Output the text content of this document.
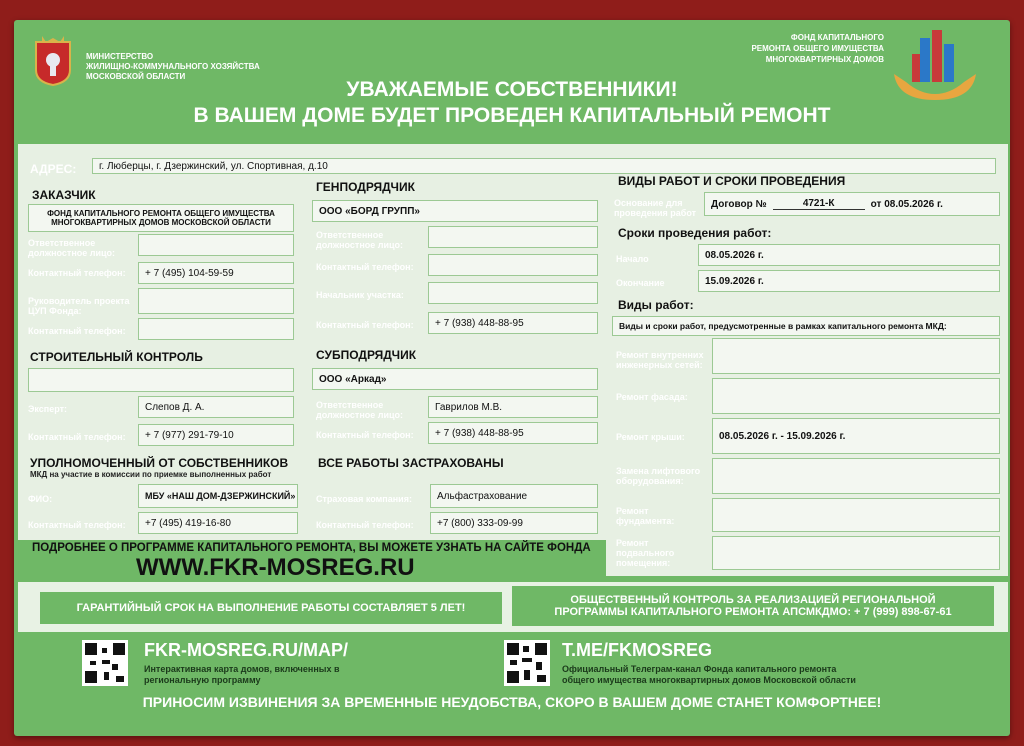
МИНИСТЕРСТВО
ЖИЛИЩНО-КОММУНАЛЬНОГО ХОЗЯЙСТВА
МОСКОВСКОЙ ОБЛАСТИ
ФОНД КАПИТАЛЬНОГО
РЕМОНТА ОБЩЕГО ИМУЩЕСТВА
МНОГОКВАРТИРНЫХ ДОМОВ
УВАЖАЕМЫЕ СОБСТВЕННИКИ!
В ВАШЕМ ДОМЕ БУДЕТ ПРОВЕДЕН КАПИТАЛЬНЫЙ РЕМОНТ
АДРЕС:	г. Люберцы, г. Дзержинский, ул. Спортивная, д.10
ЗАКАЗЧИК
ФОНД КАПИТАЛЬНОГО РЕМОНТА ОБЩЕГО ИМУЩЕСТВА
МНОГОКВАРТИРНЫХ ДОМОВ МОСКОВСКОЙ ОБЛАСТИ
Ответственное
должностное лицо:
Контактный телефон:	+ 7 (495) 104-59-59
Руководитель проекта
ЦУП Фонда:
Контактный телефон:
ГЕНПОДРЯДЧИК
ООО «БОРД ГРУПП»
Ответственное
должностное лицо:
Контактный телефон:
Начальник участка:
Контактный телефон:	+ 7 (938) 448-88-95
СТРОИТЕЛЬНЫЙ КОНТРОЛЬ
Эксперт:	Слепов Д. А.
Контактный телефон:	+ 7 (977) 291-79-10
СУБПОДРЯДЧИК
ООО «Аркад»
Ответственное
должностное лицо:
Гаврилов М.В.
Контактный телефон:	+ 7 (938) 448-88-95
УПОЛНОМОЧЕННЫЙ ОТ СОБСТВЕННИКОВ
МКД на участие в комиссии по приемке выполненных работ
ФИО:	МБУ «НАШ ДОМ-ДЗЕРЖИНСКИЙ»
Контактный телефон:	+7 (495) 419-16-80
ВСЕ РАБОТЫ ЗАСТРАХОВАНЫ
Страховая компания:	Альфастрахование
Контактный телефон:	+7 (800) 333-09-99
ВИДЫ РАБОТ И СРОКИ ПРОВЕДЕНИЯ
Основание для
проведения работ
Договор №	4721-К	от 08.05.2026 г.
Сроки проведения работ:
Начало	08.05.2026 г.
Окончание	15.09.2026 г.
Виды работ:
Виды и сроки работ, предусмотренные в рамках капитального ремонта МКД:
Ремонт внутренних
инженерных сетей:
Ремонт фасада:
Ремонт крыши:	08.05.2026 г. - 15.09.2026 г.
Замена лифтового
оборудования:
Ремонт
фундамента:
Ремонт
подвального
помещения:
ПОДРОБНЕЕ О ПРОГРАММЕ КАПИТАЛЬНОГО РЕМОНТА, ВЫ МОЖЕТЕ УЗНАТЬ НА САЙТЕ ФОНДА
WWW.FKR-MOSREG.RU
ГАРАНТИЙНЫЙ СРОК НА ВЫПОЛНЕНИЕ РАБОТЫ СОСТАВЛЯЕТ 5 ЛЕТ!
ОБЩЕСТВЕННЫЙ КОНТРОЛЬ ЗА РЕАЛИЗАЦИЕЙ РЕГИОНАЛЬНОЙ
ПРОГРАММЫ КАПИТАЛЬНОГО РЕМОНТА АПСМКДМО: + 7 (999) 898-67-61
FKR-MOSREG.RU/MAP/
Интерактивная карта домов, включенных в
региональную программу
T.ME/FKMOSREG
Официальный Телеграм-канал Фонда капитального ремонта
общего имущества многоквартирных домов Московской области
ПРИНОСИМ ИЗВИНЕНИЯ ЗА ВРЕМЕННЫЕ НЕУДОБСТВА, СКОРО В ВАШЕМ ДОМЕ СТАНЕТ КОМФОРТНЕЕ!
